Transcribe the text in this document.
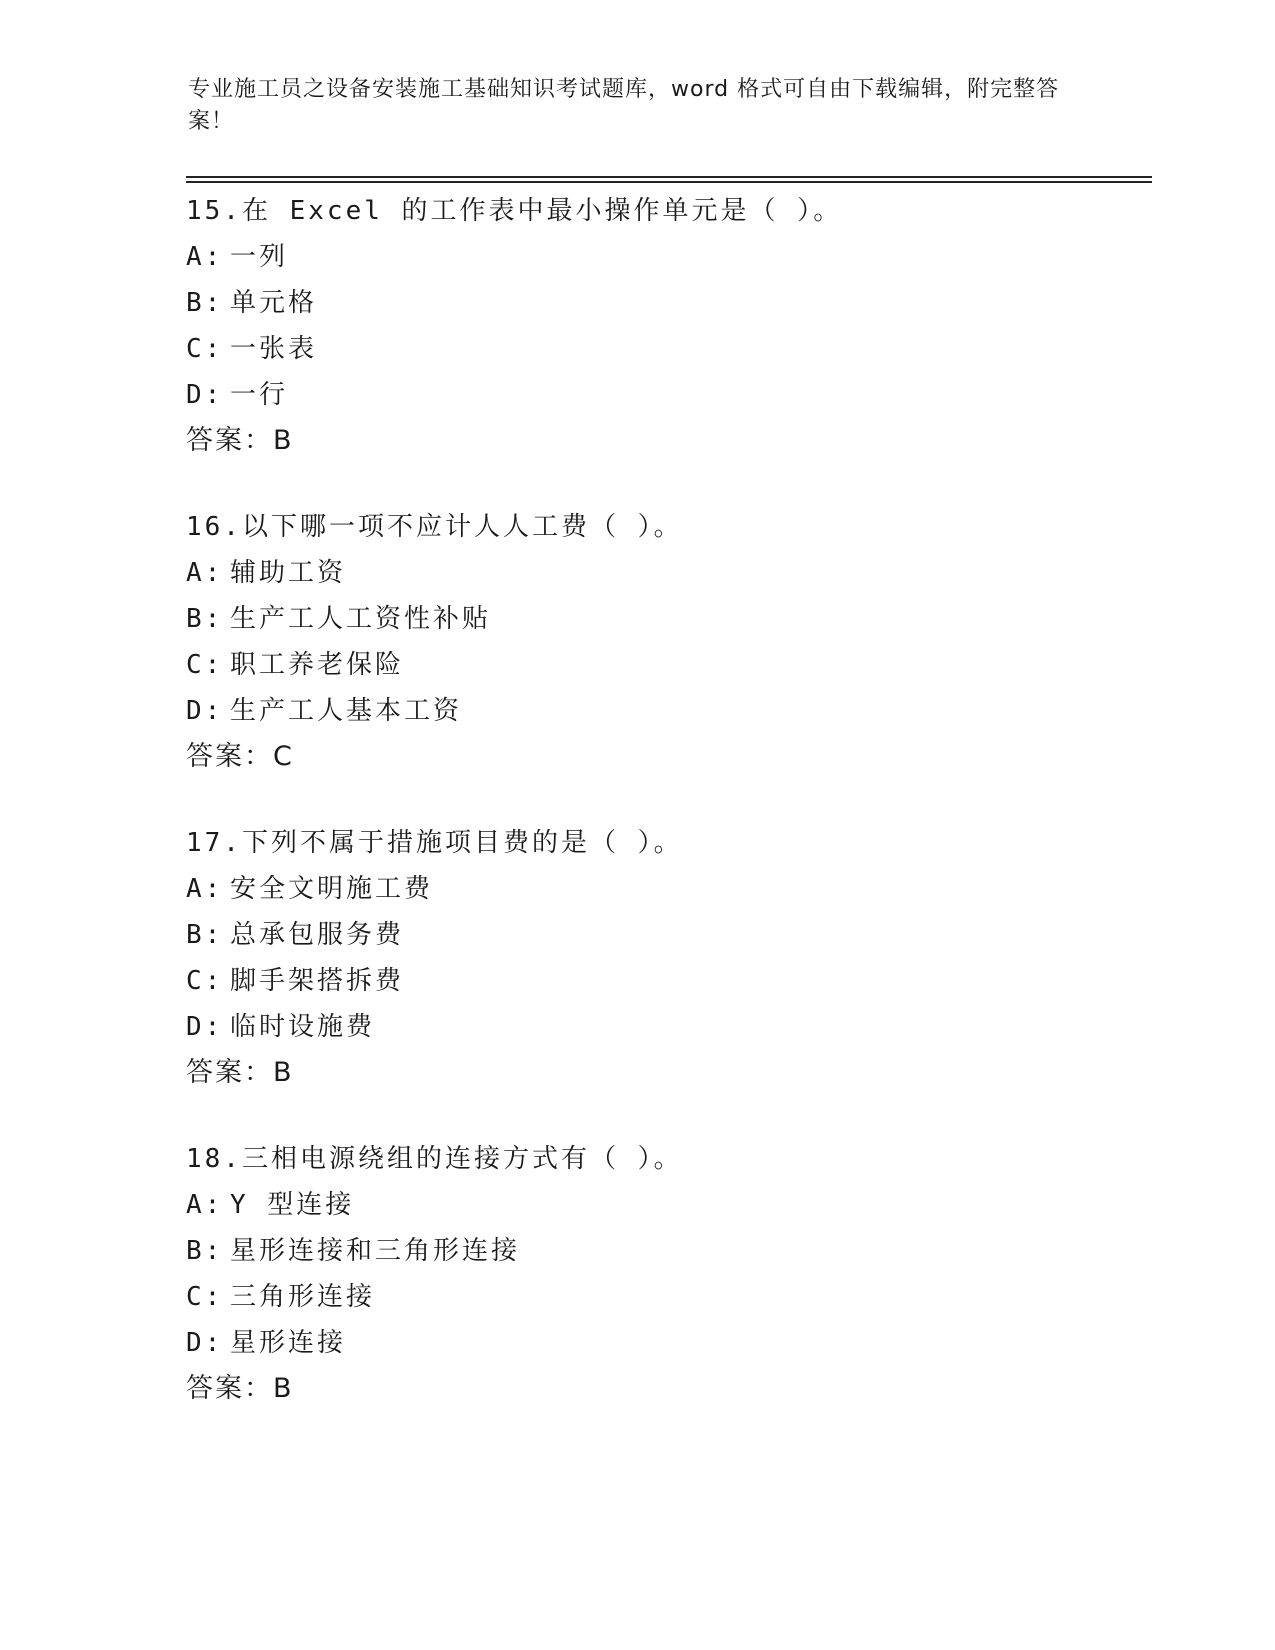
专业施工员之设备安装施工基础知识考试题库，word 格式可自由下载编辑，附完整答案！
15.在 Excel 的工作表中最小操作单元是（ ）。
A: 一列
B: 单元格
C: 一张表
D: 一行
答案：B
16.以下哪一项不应计人人工费（ ）。
A: 辅助工资
B: 生产工人工资性补贴
C: 职工养老保险
D: 生产工人基本工资
答案：C
17.下列不属于措施项目费的是（ ）。
A: 安全文明施工费
B: 总承包服务费
C: 脚手架搭拆费
D: 临时设施费
答案：B
18.三相电源绕组的连接方式有（ ）。
A: Y 型连接
B: 星形连接和三角形连接
C: 三角形连接
D: 星形连接
答案：B
